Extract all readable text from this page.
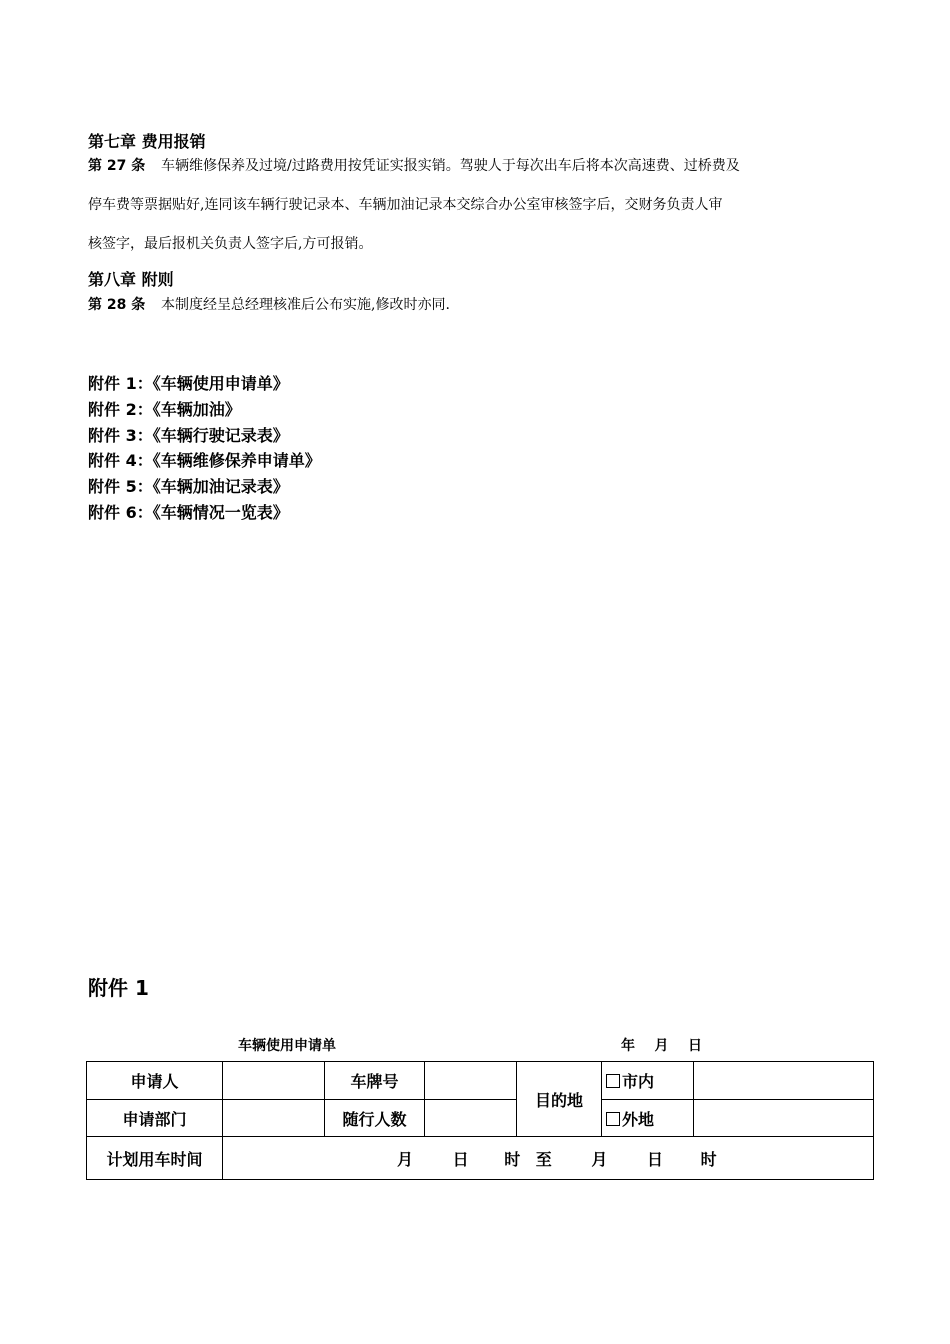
第七章 费用报销
第 27 条 车辆维修保养及过境/过路费用按凭证实报实销。驾驶人于每次出车后将本次高速费、过桥费及
停车费等票据贴好,连同该车辆行驶记录本、车辆加油记录本交综合办公室审核签字后，交财务负责人审
核签字，最后报机关负责人签字后,方可报销。
第八章 附则
第 28 条 本制度经呈总经理核准后公布实施,修改时亦同.
附件 1：《车辆使用申请单》
附件 2：《车辆加油》
附件 3：《车辆行驶记录表》
附件 4：《车辆维修保养申请单》
附件 5：《车辆加油记录表》
附件 6：《车辆情况一览表》
附件 1
车辆使用申请单	年    月    日
申请人		车牌号		目的地	市内	
申请部门		随行人数			外地	
计划用车时间	月 日 时 至 月 日 时					
